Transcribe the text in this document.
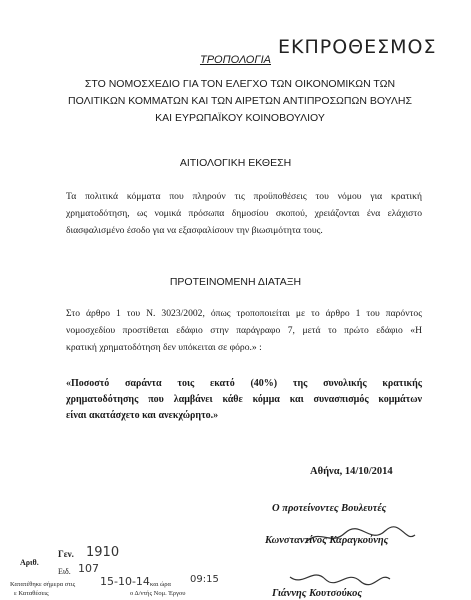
ΕΚΠΡΟΘΕΣΜΟΣ
ΤΡΟΠΟΛΟΓΙΑ
ΣΤΟ ΝΟΜΟΣΧΕΔΙΟ ΓΙΑ ΤΟΝ ΕΛΕΓΧΟ ΤΩΝ ΟΙΚΟΝΟΜΙΚΩΝ ΤΩΝ
ΠΟΛΙΤΙΚΩΝ ΚΟΜΜΑΤΩΝ ΚΑΙ ΤΩΝ ΑΙΡΕΤΩΝ ΑΝΤΙΠΡΟΣΩΠΩΝ ΒΟΥΛΗΣ
ΚΑΙ ΕΥΡΩΠΑΪΚΟΥ ΚΟΙΝΟΒΟΥΛΙΟΥ
ΑΙΤΙΟΛΟΓΙΚΗ ΕΚΘΕΣΗ
Τα πολιτικά κόμματα που πληρούν τις προϋποθέσεις του νόμου για κρατική
χρηματοδότηση, ως νομικά πρόσωπα δημοσίου σκοπού, χρειάζονται ένα ελάχιστο
διασφαλισμένο έσοδο για να εξασφαλίσουν την βιωσιμότητα τους.
ΠΡΟΤΕΙΝΟΜΕΝΗ ΔΙΑΤΑΞΗ
Στο άρθρο 1 του Ν. 3023/2002, όπως τροποποιείται με το άρθρο 1 του παρόντος
νομοσχεδίου προστίθεται εδάφιο στην παράγραφο 7, μετά το πρώτο εδάφιο «Η
κρατική χρηματοδότηση δεν υπόκειται σε φόρο.» :
«Ποσοστό σαράντα τοις εκατό (40%) της συνολικής κρατικής
χρηματοδότησης που λαμβάνει κάθε κόμμα και συνασπισμός κομμάτων
είναι ακατάσχετο και ανεκχώρητο.»
Αθήνα, 14/10/2014
Ο προτείνοντες Βουλευτές
Κωνσταντίνος Καραγκούνης
Γιάννης Κουτσούκος
Αριθ.
Γεν. 1910
Ειδ. 107
Κατατέθηκε σήμερα στις 15-10-14 και ώρα 09:15
ο Δ/ντής Νομ. Έργου
ε Καταθέσεις
